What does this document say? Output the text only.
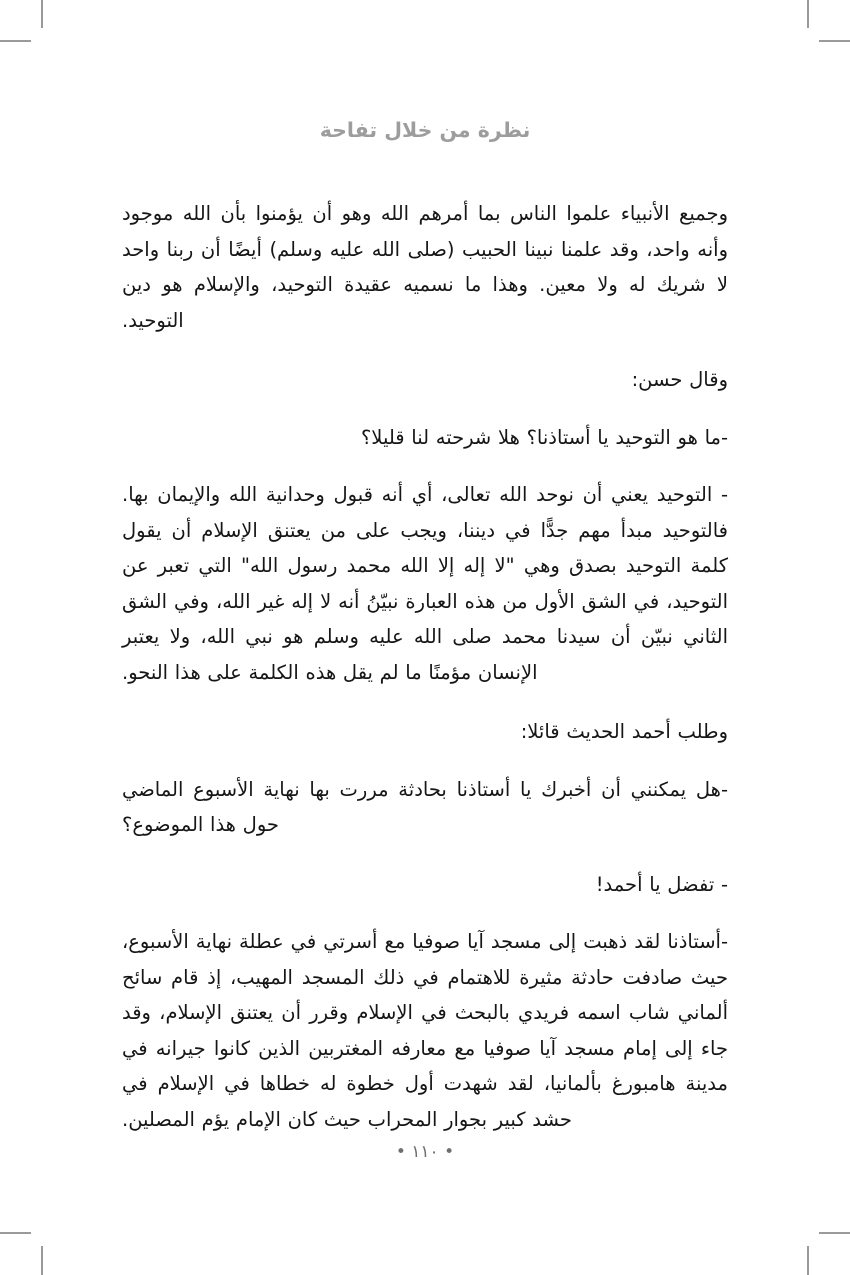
نظرة من خلال تفاحة

وجميع الأنبياء علموا الناس بما أمرهم الله وهو أن يؤمنوا بأن الله موجود وأنه واحد، وقد علمنا نبينا الحبيب (صلى الله عليه وسلم) أيضًا أن ربنا واحد لا شريك له ولا معين. وهذا ما نسميه عقيدة التوحيد، والإسلام هو دين التوحيد.

وقال حسن:

-ما هو التوحيد يا أستاذنا؟ هلا شرحته لنا قليلا؟

- التوحيد يعني أن نوحد الله تعالى، أي أنه قبول وحدانية الله والإيمان بها. فالتوحيد مبدأ مهم جدًّا في ديننا، ويجب على من يعتنق الإسلام أن يقول كلمة التوحيد بصدق وهي "لا إله إلا الله محمد رسول الله" التي تعبر عن التوحيد، في الشق الأول من هذه العبارة نبيّنُ أنه لا إله غير الله، وفي الشق الثاني نبيّن أن سيدنا محمد صلى الله عليه وسلم هو نبي الله، ولا يعتبر الإنسان مؤمنًا ما لم يقل هذه الكلمة على هذا النحو.

وطلب أحمد الحديث قائلا:

-هل يمكنني أن أخبرك يا أستاذنا بحادثة مررت بها نهاية الأسبوع الماضي حول هذا الموضوع؟

- تفضل يا أحمد!

-أستاذنا لقد ذهبت إلى مسجد آيا صوفيا مع أسرتي في عطلة نهاية الأسبوع، حيث صادفت حادثة مثيرة للاهتمام في ذلك المسجد المهيب، إذ قام سائح ألماني شاب اسمه فريدي بالبحث في الإسلام وقرر أن يعتنق الإسلام، وقد جاء إلى إمام مسجد آيا صوفيا مع معارفه المغتربين الذين كانوا جيرانه في مدينة هامبورغ بألمانيا، لقد شهدت أول خطوة له خطاها في الإسلام في حشد كبير بجوار المحراب حيث كان الإمام يؤم المصلين.

• ١١٠ •
